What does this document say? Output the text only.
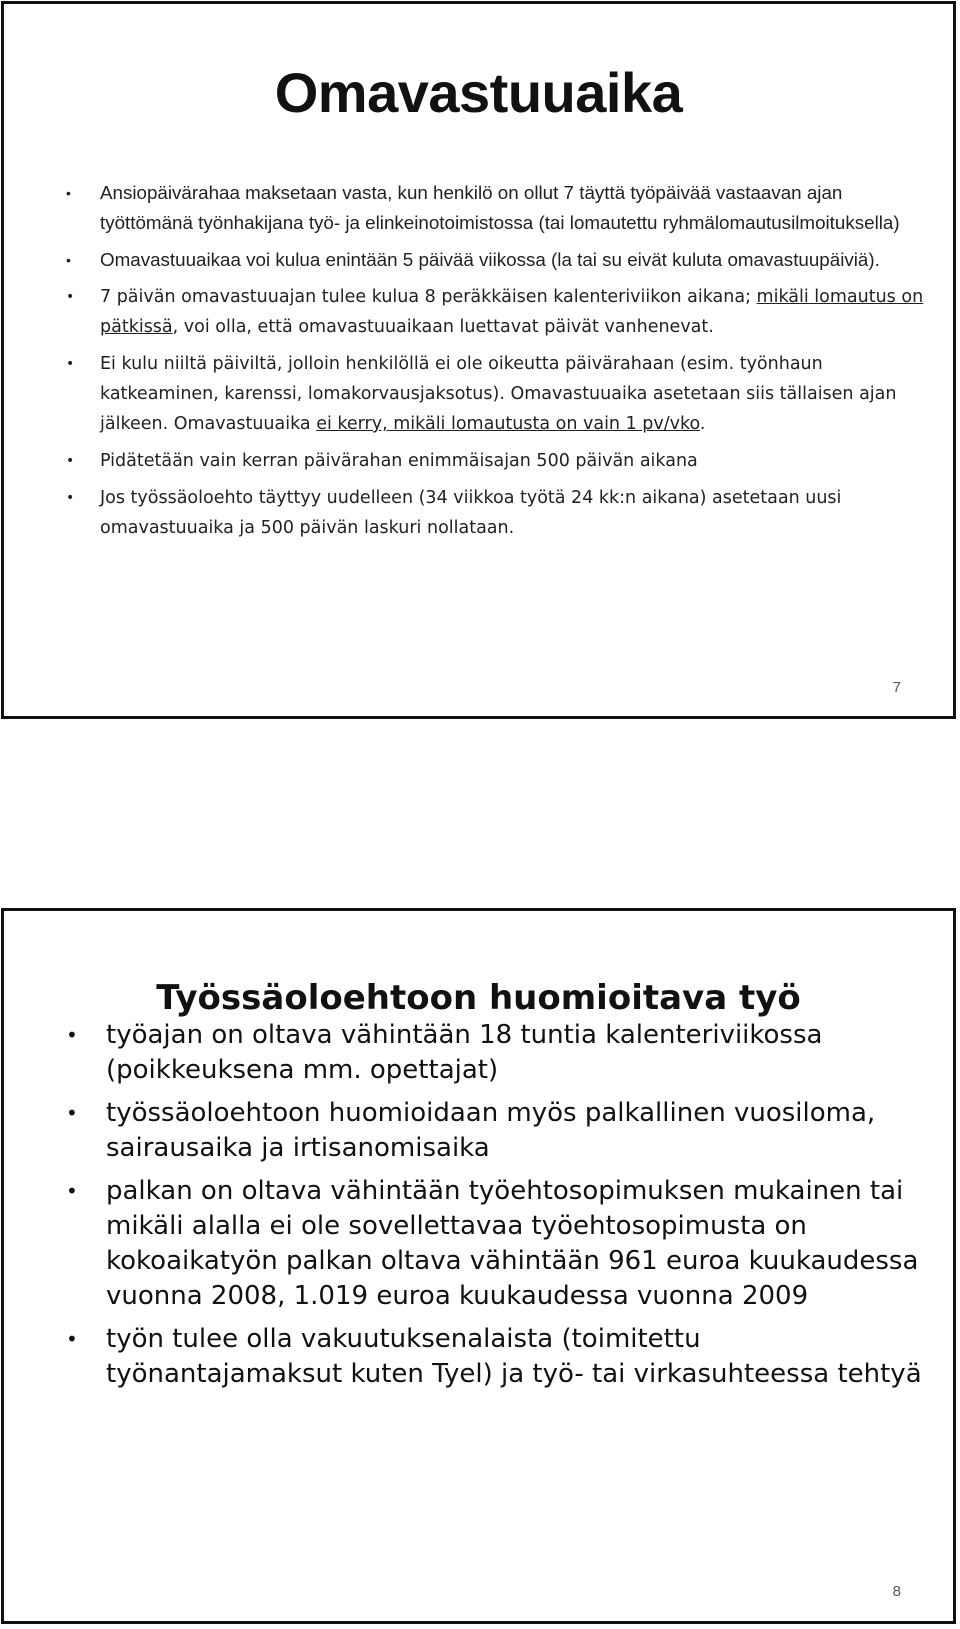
Omavastuuaika
• Ansiopäivärahaa maksetaan vasta, kun henkilö on ollut 7 täyttä työpäivää vastaavan ajan työttömänä työnhakijana työ- ja elinkeinotoimistossa (tai lomautettu ryhmälomautusilmoituksella)
• Omavastuuaikaa voi kulua enintään 5 päivää viikossa (la tai su eivät kuluta omavastuupäiviä).
• 7 päivän omavastuuajan tulee kulua 8 peräkkäisen kalenteriviikon aikana; mikäli lomautus on pätkissä, voi olla, että omavastuuaikaan luettavat päivät vanhenevat.
• Ei kulu niiltä päiviltä, jolloin henkilöllä ei ole oikeutta päivärahaan (esim. työnhaun katkeaminen, karenssi, lomakorvausjaksotus). Omavastuuaika asetetaan siis tällaisen ajan jälkeen. Omavastuuaika ei kerry, mikäli lomautusta on vain 1 pv/vko.
• Pidätetään vain kerran päivärahan enimmäisajan 500 päivän aikana
• Jos työssäoloehto täyttyy uudelleen (34 viikkoa työtä 24 kk:n aikana) asetetaan uusi omavastuuaika ja 500 päivän laskuri nollataan.
7
Työssäoloehtoon huomioitava työ
• työajan on oltava vähintään 18 tuntia kalenteriviikossa (poikkeuksena mm. opettajat)
• työssäoloehtoon huomioidaan myös palkallinen vuosiloma, sairausaika ja irtisanomisaika
• palkan on oltava vähintään työehtosopimuksen mukainen tai mikäli alalla ei ole sovellettavaa työehtosopimusta on kokoaikatyön palkan oltava vähintään 961 euroa kuukaudessa vuonna 2008, 1.019 euroa kuukaudessa vuonna 2009
• työn tulee olla vakuutuksenalaista (toimitettu työnantajamaksut kuten Tyel) ja työ- tai virkasuhteessa tehtyä
8
